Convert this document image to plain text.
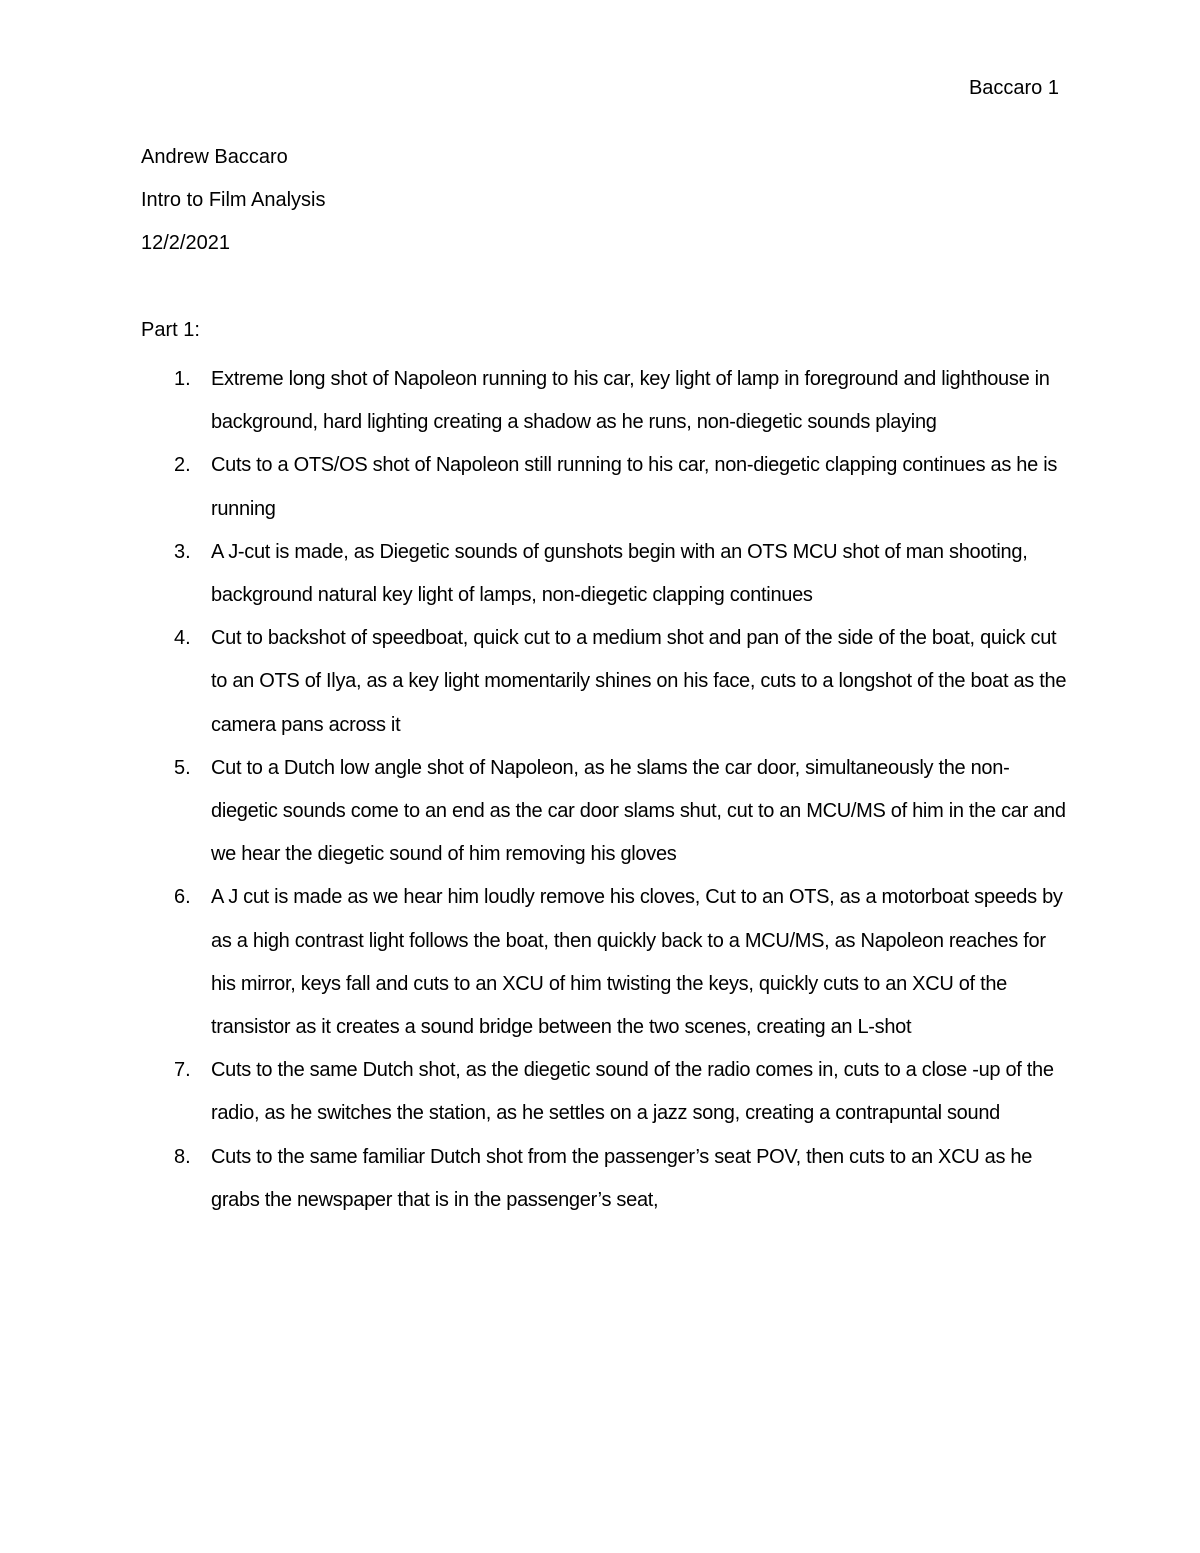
Baccaro 1
Andrew Baccaro
Intro to Film Analysis
12/2/2021
Part 1:
1. Extreme long shot of Napoleon running to his car, key light of lamp in foreground and lighthouse in background, hard lighting creating a shadow as he runs, non-diegetic sounds playing
2. Cuts to a OTS/OS shot of Napoleon still running to his car, non-diegetic clapping continues as he is running
3. A J-cut is made, as Diegetic sounds of gunshots begin with an OTS MCU shot of man shooting, background natural key light of lamps, non-diegetic clapping continues
4. Cut to backshot of speedboat, quick cut to a medium shot and pan of the side of the boat, quick cut to an OTS of Ilya, as a key light momentarily shines on his face, cuts to a longshot of the boat as the camera pans across it
5. Cut to a Dutch low angle shot of Napoleon, as he slams the car door, simultaneously the non-diegetic sounds come to an end as the car door slams shut, cut to an MCU/MS of him in the car and we hear the diegetic sound of him removing his gloves
6. A J cut is made as we hear him loudly remove his cloves, Cut to an OTS, as a motorboat speeds by as a high contrast light follows the boat, then quickly back to a MCU/MS, as Napoleon reaches for his mirror, keys fall and cuts to an XCU of him twisting the keys, quickly cuts to an XCU of the transistor as it creates a sound bridge between the two scenes, creating an L-shot
7. Cuts to the same Dutch shot, as the diegetic sound of the radio comes in, cuts to a close -up of the radio, as he switches the station, as he settles on a jazz song, creating a contrapuntal sound
8. Cuts to the same familiar Dutch shot from the passenger’s seat POV, then cuts to an XCU as he grabs the newspaper that is in the passenger’s seat,
